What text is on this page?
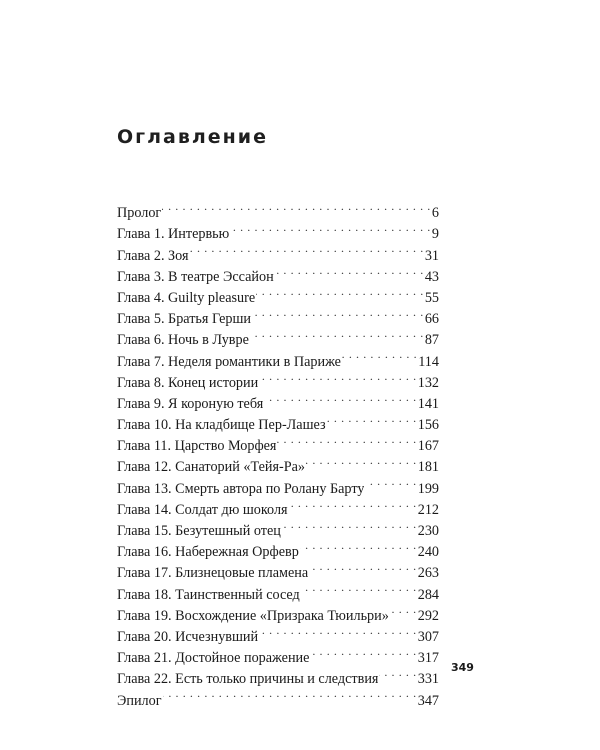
Оглавление
Пролог . . .	6
Глава 1. Интервью . . .	9
Глава 2. Зоя . . .	31
Глава 3. В театре Эссайон . . .	43
Глава 4. Guilty pleasure . . .	55
Глава 5. Братья Герши . . .	66
Глава 6. Ночь в Лувре . . .	87
Глава 7. Неделя романтики в Париже . . .	114
Глава 8. Конец истории . . .	132
Глава 9. Я короную тебя . . .	141
Глава 10. На кладбище Пер-Лашез . . .	156
Глава 11. Царство Морфея . . .	167
Глава 12. Санаторий «Тейя-Ра» . . .	181
Глава 13. Смерть автора по Ролану Барту . . .	199
Глава 14. Солдат дю шоколя . . .	212
Глава 15. Безутешный отец . . .	230
Глава 16. Набережная Орфевр . . .	240
Глава 17. Близнецовые пламена . . .	263
Глава 18. Таинственный сосед . . .	284
Глава 19. Восхождение «Призрака Тюильри» . . . 292
Глава 20. Исчезнувший . . .	307
Глава 21. Достойное поражение . . .	317
Глава 22. Есть только причины и следствия . . .	331
Эпилог . . .	347
349
